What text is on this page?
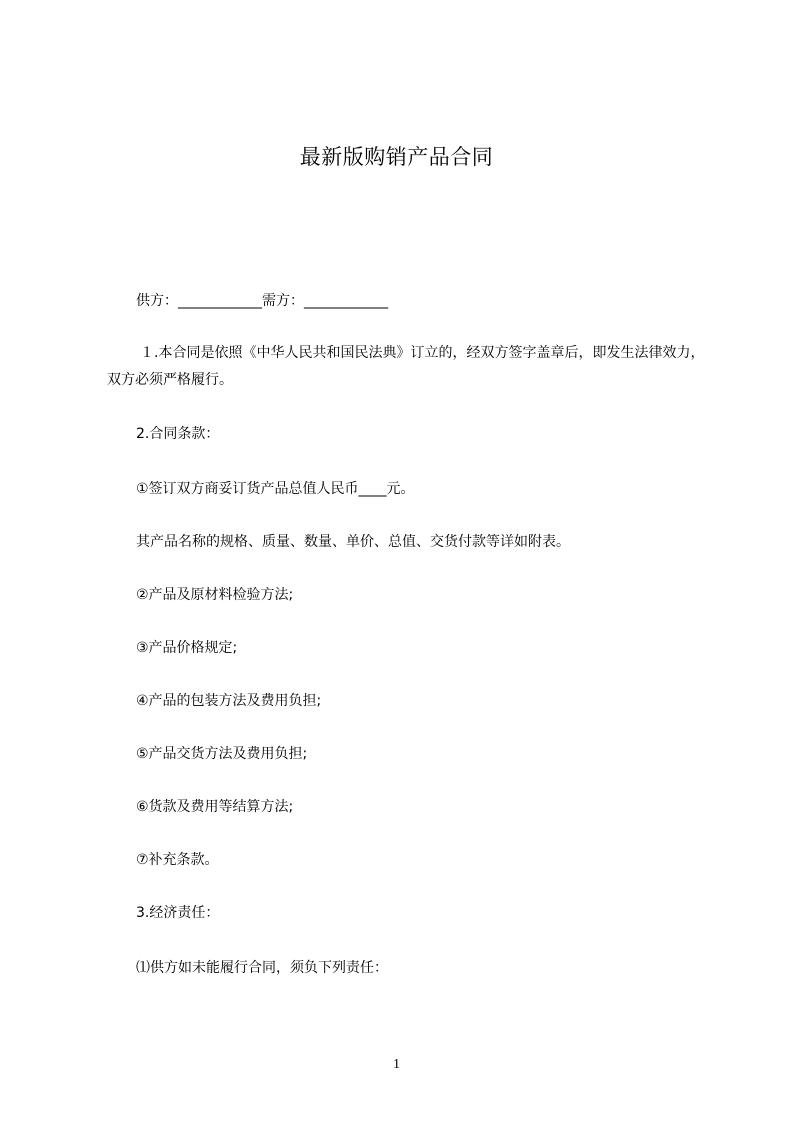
最新版购销产品合同
供方：____________需方：____________

１.本合同是依照《中华人民共和国民法典》订立的，经双方签字盖章后，即发生法律效力，双方必须严格履行。

2.合同条款：
①签订双方商妥订货产品总值人民币____元。
其产品名称的规格、质量、数量、单价、总值、交货付款等详如附表。
②产品及原材料检验方法;
③产品价格规定;
④产品的包装方法及费用负担;
⑤产品交货方法及费用负担;
⑥货款及费用等结算方法;
⑦补充条款。
3.经济责任：
⑴供方如未能履行合同，须负下列责任：
1
